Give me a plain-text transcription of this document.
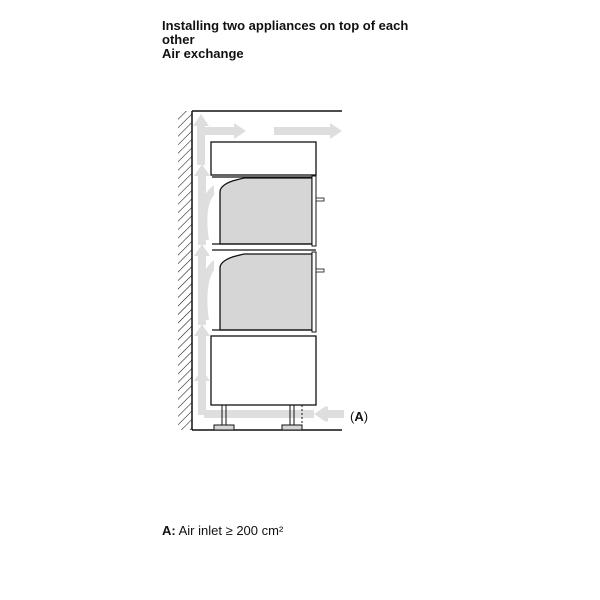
Installing two appliances on top of each
other
Air exchange
(A)
A: Air inlet ≥ 200 cm²
